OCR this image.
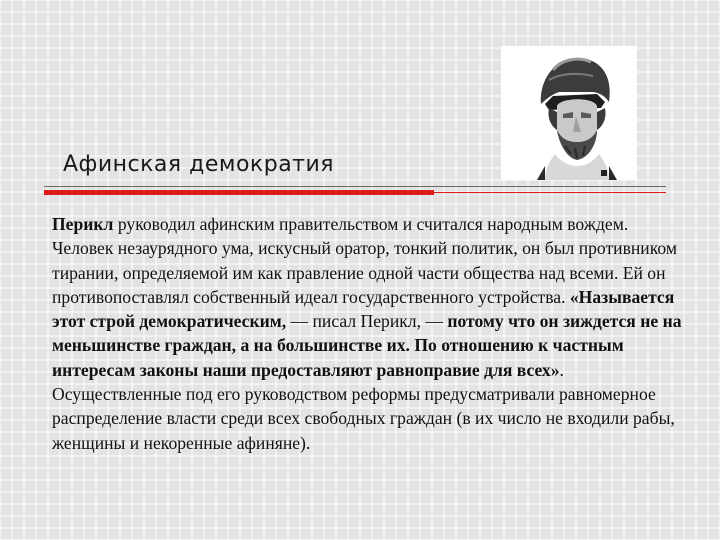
Афинская демократия
Перикл руководил афинским правительством и считался народным вождем. Человек незаурядного ума, искусный оратор, тонкий политик, он был противником тирании, определяемой им как правление одной части общества над всеми. Ей он противопоставлял собственный идеал государственного устройства. «Называется этот строй демократическим, — писал Перикл, — потому что он зиждется не на меньшинстве граждан, а на большинстве их. По отношению к частным интересам законы наши предоставляют равноправие для всех». Осуществленные под его руководством реформы предусматривали равномерное распределение власти среди всех свободных граждан (в их число не входили рабы, женщины и некоренные афиняне).
